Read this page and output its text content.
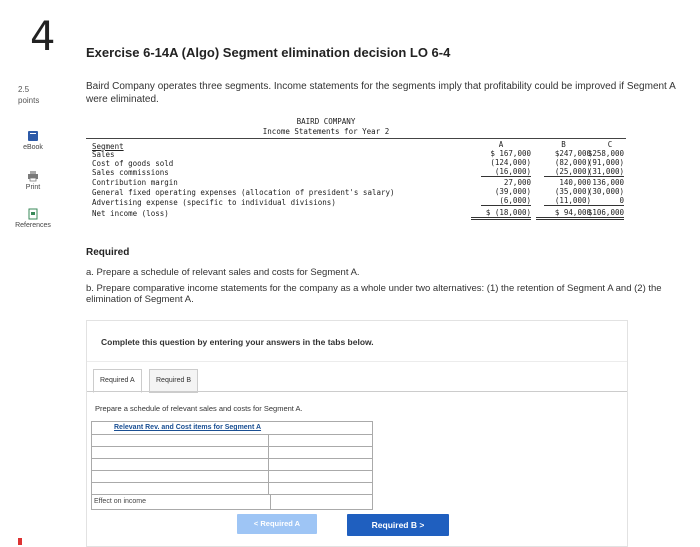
4 Exercise 6-14A (Algo) Segment elimination decision LO 6-4
2.5
points
Baird Company operates three segments. Income statements for the segments imply that profitability could be improved if Segment A were eliminated.
eBook
Print
References
BAIRD COMPANY
Income Statements for Year 2
Segment
Sales
Cost of goods sold
Sales commissions
Contribution margin
General fixed operating expenses (allocation of president's salary)
Advertising expense (specific to individual divisions)
Net income (loss)
A
$ 167,000
(124,000)
(16,000)
27,000
(39,000)
(6,000)
$ (18,000)
B
$247,000
(82,000)
(25,000)
140,000
(35,000)
(11,000)
$ 94,000
C
$258,000
(91,000)
(31,000)
136,000
(30,000)
0
$106,000
Required
a. Prepare a schedule of relevant sales and costs for Segment A.
b. Prepare comparative income statements for the company as a whole under two alternatives: (1) the retention of Segment A and (2) the elimination of Segment A.
Complete this question by entering your answers in the tabs below.
Required A	Required B
Prepare a schedule of relevant sales and costs for Segment A.
Relevant Rev. and Cost items for Segment A
Effect on income
< Required A	Required B >
